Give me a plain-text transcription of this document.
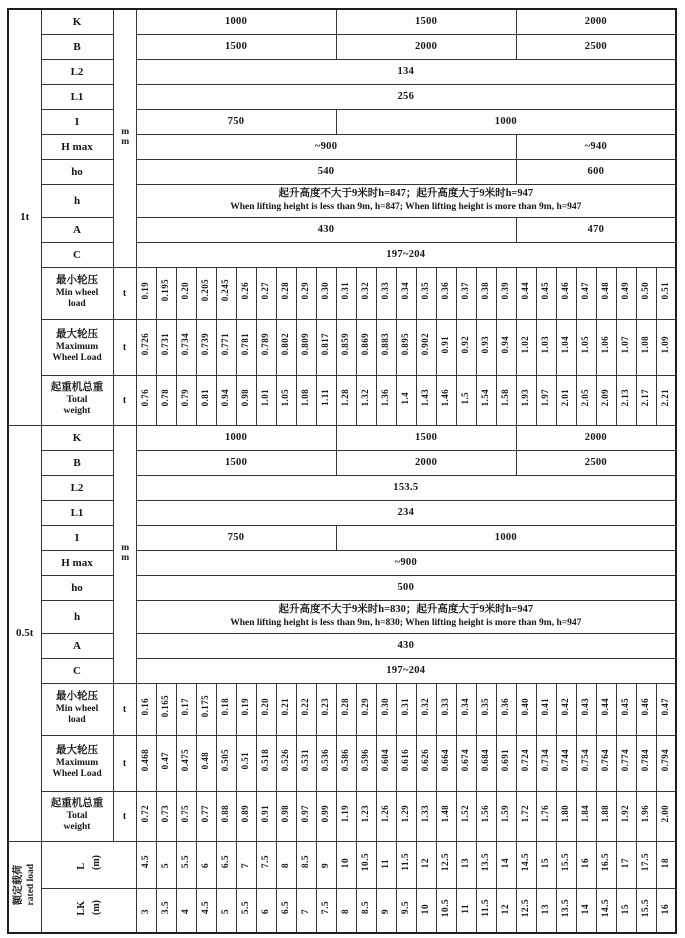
1t	K	mm	1000										1500									2000							
	B		1500										2000									2500							
	L2		134																										
	L1		256																										
	I		750										1000																
	H max		~900																			~940							
	ho		540																			600							
	h		起升高度不大于9米时h=847；起升高度大于9米时h=947
When lifting height is less than 9m, h=847; When lifting height is more than 9m, h=947																										

	A		430																			470							
	C		197~204																										

	最小轮压
Min wheel
load	t	0.19	0.195	0.20	0.205	0.245	0.26	0.27	0.28	0.29	0.30	0.31	0.32	0.33	0.34	0.35	0.36	0.37	0.38	0.39	0.44	0.45	0.46	0.47	0.48	0.49	0.50	0.51

	最大轮压
Maximum
Wheel Load	t	0.726	0.731	0.734	0.739	0.771	0.781	0.789	0.802	0.809	0.817	0.859	0.869	0.883	0.895	0.902	0.91	0.92	0.93	0.94	1.02	1.03	1.04	1.05	1.06	1.07	1.08	1.09

	起重机总重
Total
weight	t	0.76	0.78	0.79	0.81	0.94	0.98	1.01	1.05	1.08	1.11	1.28	1.32	1.36	1.4	1.43	1.46	1.5	1.54	1.58	1.93	1.97	2.01	2.05	2.09	2.13	2.17	2.21
0.5t	K	mm	1000										1500									2000							
	B		1500										2000									2500							
	L2		153.5																										
	L1		234																										
	I		750										1000																
	H max		~900																										
	ho		500																										
	h		起升高度不大于9米时h=830；起升高度大于9米时h=947
When lifting height is less than 9m, h=830; When lifting height is more than 9m, h=947																										

	A		430																										
	C		197~204																										

	最小轮压
Min wheel
load	t	0.16	0.165	0.17	0.175	0.18	0.19	0.20	0.21	0.22	0.23	0.28	0.29	0.30	0.31	0.32	0.33	0.34	0.35	0.36	0.40	0.41	0.42	0.43	0.44	0.45	0.46	0.47

	最大轮压
Maximum
Wheel Load	t	0.468	0.47	0.475	0.48	0.505	0.51	0.518	0.526	0.531	0.536	0.586	0.596	0.604	0.616	0.626	0.664	0.674	0.684	0.691	0.724	0.734	0.744	0.754	0.764	0.774	0.784	0.794

	起重机总重
Total
weight	t	0.72	0.73	0.75	0.77	0.88	0.89	0.91	0.98	0.97	0.99	1.19	1.23	1.26	1.29	1.33	1.48	1.52	1.56	1.59	1.72	1.76	1.80	1.84	1.88	1.92	1.96	2.00
额定载荷 rated load	L (m)		4.5	5	5.5	6	6.5	7	7.5	8	8.5	9	10	10.5	11	11.5	12	12.5	13	13.5	14	14.5	15	15.5	16	16.5	17	17.5	18
	LK (m)		3	3.5	4	4.5	5	5.5	6	6.5	7	7.5	8	8.5	9	9.5	10	10.5	11	11.5	12	12.5	13	13.5	14	14.5	15	15.5	16
